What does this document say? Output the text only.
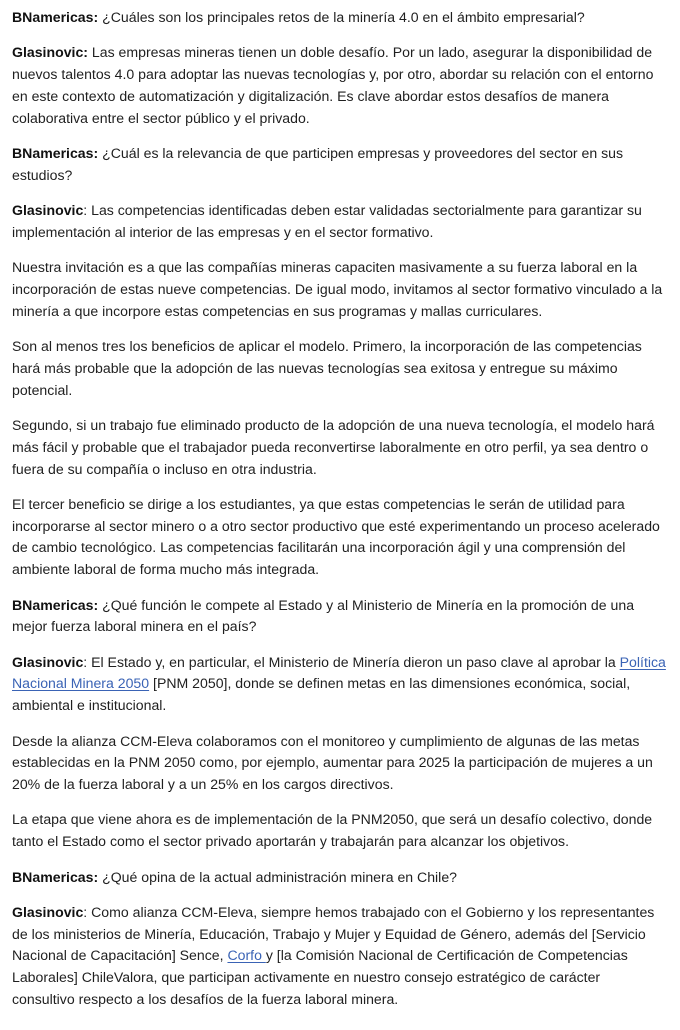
BNamericas: ¿Cuáles son los principales retos de la minería 4.0 en el ámbito empresarial?

Glasinovic: Las empresas mineras tienen un doble desafío. Por un lado, asegurar la disponibilidad de nuevos talentos 4.0 para adoptar las nuevas tecnologías y, por otro, abordar su relación con el entorno en este contexto de automatización y digitalización. Es clave abordar estos desafíos de manera colaborativa entre el sector público y el privado.

BNamericas: ¿Cuál es la relevancia de que participen empresas y proveedores del sector en sus estudios?

Glasinovic: Las competencias identificadas deben estar validadas sectorialmente para garantizar su implementación al interior de las empresas y en el sector formativo.

Nuestra invitación es a que las compañías mineras capaciten masivamente a su fuerza laboral en la incorporación de estas nueve competencias. De igual modo, invitamos al sector formativo vinculado a la minería a que incorpore estas competencias en sus programas y mallas curriculares.

Son al menos tres los beneficios de aplicar el modelo. Primero, la incorporación de las competencias hará más probable que la adopción de las nuevas tecnologías sea exitosa y entregue su máximo potencial.

Segundo, si un trabajo fue eliminado producto de la adopción de una nueva tecnología, el modelo hará más fácil y probable que el trabajador pueda reconvertirse laboralmente en otro perfil, ya sea dentro o fuera de su compañía o incluso en otra industria.

El tercer beneficio se dirige a los estudiantes, ya que estas competencias le serán de utilidad para incorporarse al sector minero o a otro sector productivo que esté experimentando un proceso acelerado de cambio tecnológico. Las competencias facilitarán una incorporación ágil y una comprensión del ambiente laboral de forma mucho más integrada.

BNamericas: ¿Qué función le compete al Estado y al Ministerio de Minería en la promoción de una mejor fuerza laboral minera en el país?

Glasinovic: El Estado y, en particular, el Ministerio de Minería dieron un paso clave al aprobar la Política Nacional Minera 2050 [PNM 2050], donde se definen metas en las dimensiones económica, social, ambiental e institucional.

Desde la alianza CCM-Eleva colaboramos con el monitoreo y cumplimiento de algunas de las metas establecidas en la PNM 2050 como, por ejemplo, aumentar para 2025 la participación de mujeres a un 20% de la fuerza laboral y a un 25% en los cargos directivos.

La etapa que viene ahora es de implementación de la PNM2050, que será un desafío colectivo, donde tanto el Estado como el sector privado aportarán y trabajarán para alcanzar los objetivos.

BNamericas: ¿Qué opina de la actual administración minera en Chile?

Glasinovic: Como alianza CCM-Eleva, siempre hemos trabajado con el Gobierno y los representantes de los ministerios de Minería, Educación, Trabajo y Mujer y Equidad de Género, además del [Servicio Nacional de Capacitación] Sence, Corfo y [la Comisión Nacional de Certificación de Competencias Laborales] ChileValora, que participan activamente en nuestro consejo estratégico de carácter consultivo respecto a los desafíos de la fuerza laboral minera.
